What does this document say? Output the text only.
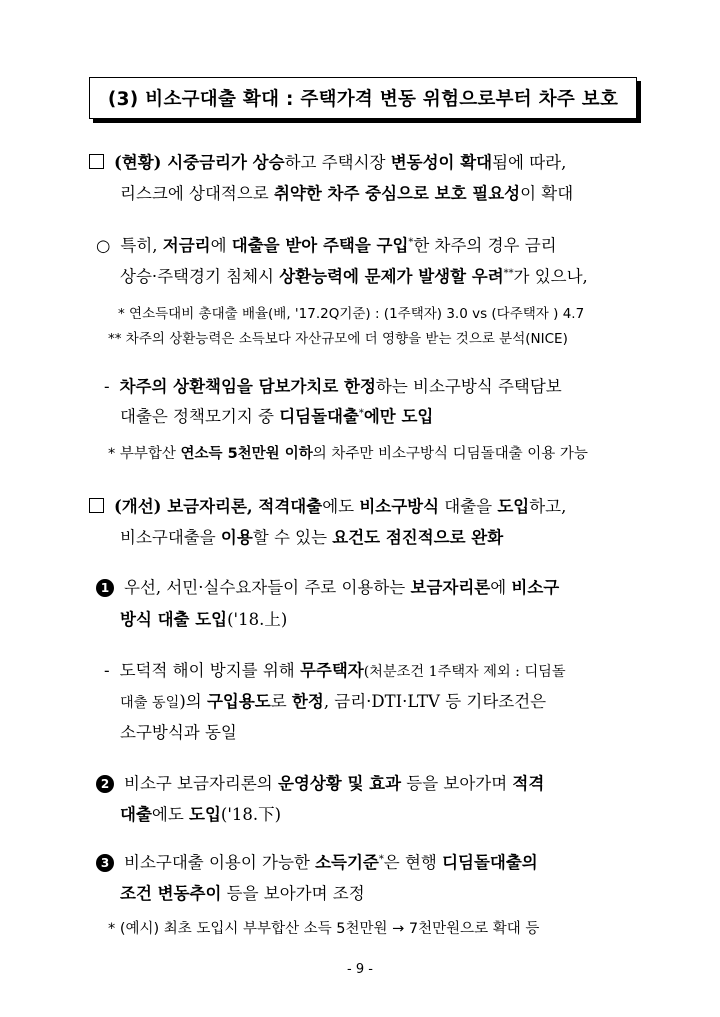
(3) 비소구대출 확대 : 주택가격 변동 위험으로부터 차주 보호
(현황) 시중금리가 상승하고 주택시장 변동성이 확대됨에 따라,
리스크에 상대적으로 취약한 차주 중심으로 보호 필요성이 확대
○ 특히, 저금리에 대출을 받아 주택을 구입*한 차주의 경우 금리
상승·주택경기 침체시 상환능력에 문제가 발생할 우려**가 있으나,
* 연소득대비 총대출 배율(배, '17.2Q기준) : (1주택자) 3.0 vs (다주택자 ) 4.7
** 차주의 상환능력은 소득보다 자산규모에 더 영향을 받는 것으로 분석(NICE)
- 차주의 상환책임을 담보가치로 한정하는 비소구방식 주택담보
대출은 정책모기지 중 디딤돌대출*에만 도입
* 부부합산 연소득 5천만원 이하의 차주만 비소구방식 디딤돌대출 이용 가능
(개선) 보금자리론, 적격대출에도 비소구방식 대출을 도입하고,
비소구대출을 이용할 수 있는 요건도 점진적으로 완화
1 우선, 서민·실수요자들이 주로 이용하는 보금자리론에 비소구
방식 대출 도입('18.上)
- 도덕적 해이 방지를 위해 무주택자(처분조건 1주택자 제외 : 디딤돌
대출 동일)의 구입용도로 한정, 금리·DTI·LTV 등 기타조건은
소구방식과 동일
2 비소구 보금자리론의 운영상황 및 효과 등을 보아가며 적격
대출에도 도입('18.下)
3 비소구대출 이용이 가능한 소득기준*은 현행 디딤돌대출의
조건 변동추이 등을 보아가며 조정
* (예시) 최초 도입시 부부합산 소득 5천만원 → 7천만원으로 확대 등
- 9 -
